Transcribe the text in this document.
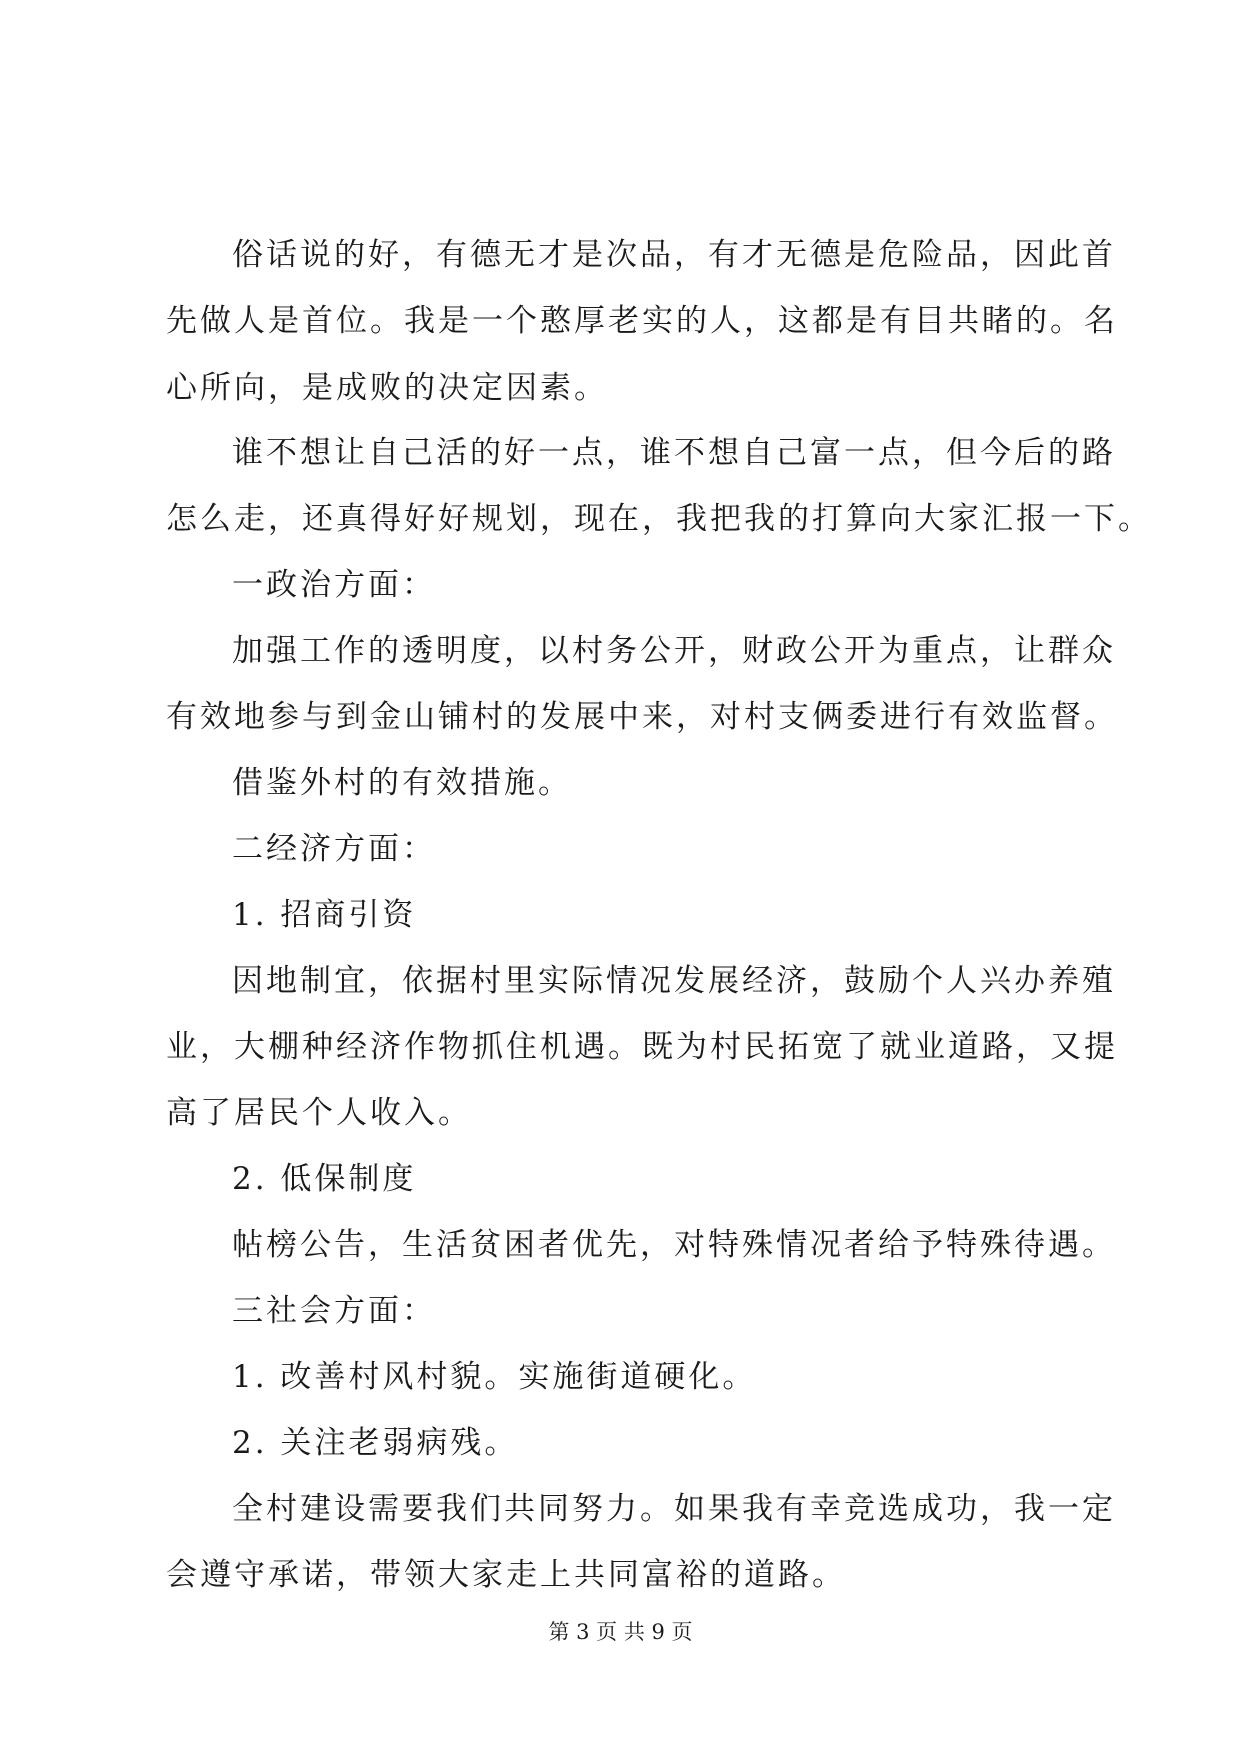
俗话说的好，有德无才是次品，有才无德是危险品，因此首
先做人是首位。我是一个憨厚老实的人，这都是有目共睹的。名
心所向，是成败的决定因素。
谁不想让自己活的好一点，谁不想自己富一点，但今后的路
怎么走，还真得好好规划，现在，我把我的打算向大家汇报一下。
一政治方面：
加强工作的透明度，以村务公开，财政公开为重点，让群众
有效地参与到金山铺村的发展中来，对村支俩委进行有效监督。
借鉴外村的有效措施。
二经济方面：
1. 招商引资
因地制宜，依据村里实际情况发展经济，鼓励个人兴办养殖
业，大棚种经济作物抓住机遇。既为村民拓宽了就业道路，又提
高了居民个人收入。
2. 低保制度
帖榜公告，生活贫困者优先，对特殊情况者给予特殊待遇。
三社会方面：
1. 改善村风村貌。实施街道硬化。
2. 关注老弱病残。
全村建设需要我们共同努力。如果我有幸竞选成功，我一定
会遵守承诺，带领大家走上共同富裕的道路。
第 3 页 共 9 页
